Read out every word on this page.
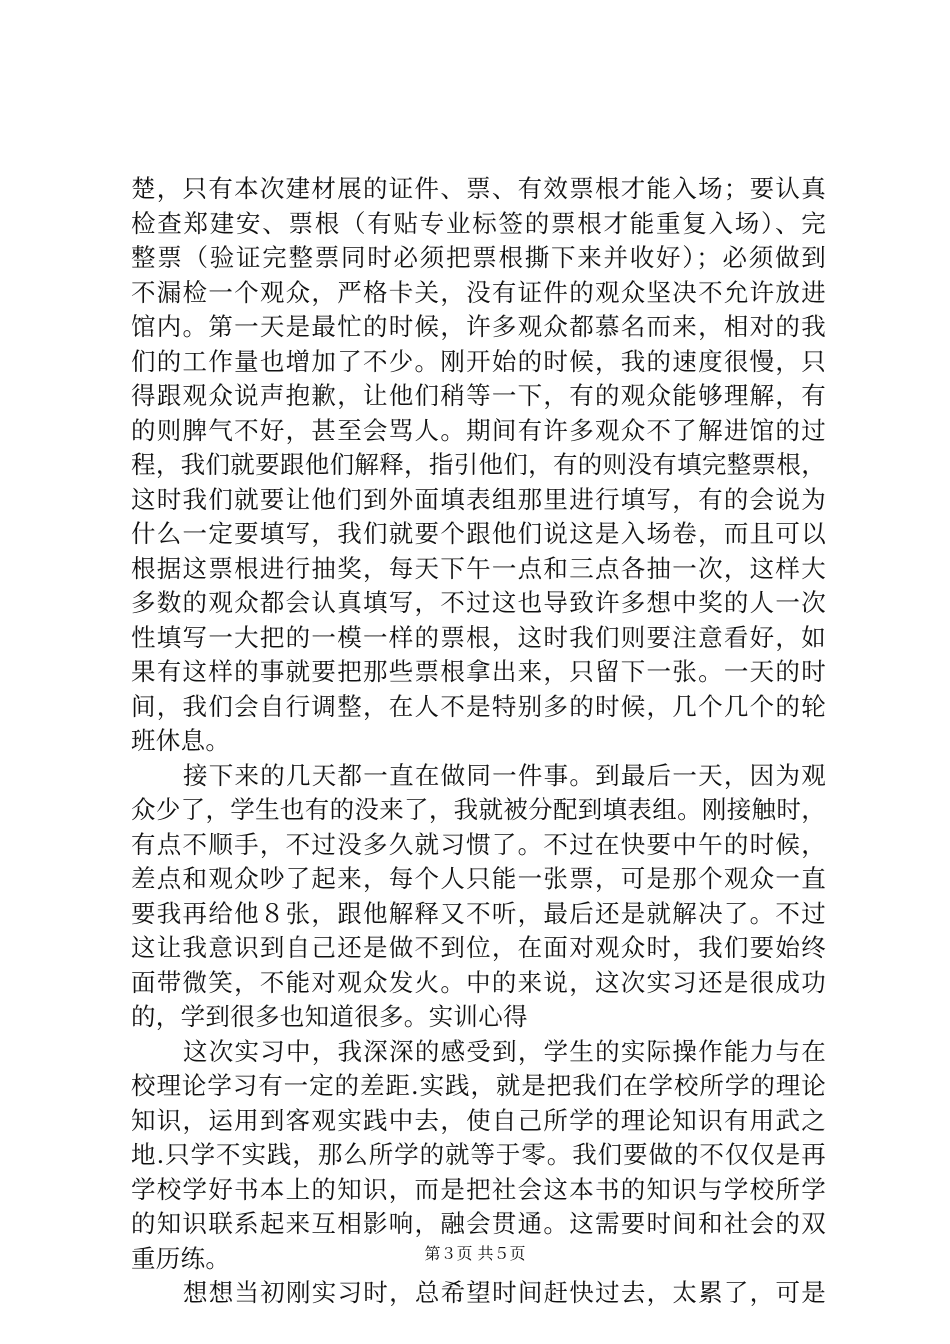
楚，只有本次建材展的证件、票、有效票根才能入场；要认真
检查郑建安、票根（有贴专业标签的票根才能重复入场）、完
整票（验证完整票同时必须把票根撕下来并收好）；必须做到
不漏检一个观众，严格卡关，没有证件的观众坚决不允许放进
馆内。第一天是最忙的时候，许多观众都慕名而来，相对的我
们的工作量也增加了不少。刚开始的时候，我的速度很慢，只
得跟观众说声抱歉，让他们稍等一下，有的观众能够理解，有
的则脾气不好，甚至会骂人。期间有许多观众不了解进馆的过
程，我们就要跟他们解释，指引他们，有的则没有填完整票根，
这时我们就要让他们到外面填表组那里进行填写，有的会说为
什么一定要填写，我们就要个跟他们说这是入场卷，而且可以
根据这票根进行抽奖，每天下午一点和三点各抽一次，这样大
多数的观众都会认真填写，不过这也导致许多想中奖的人一次
性填写一大把的一模一样的票根，这时我们则要注意看好，如
果有这样的事就要把那些票根拿出来，只留下一张。一天的时
间，我们会自行调整，在人不是特别多的时候，几个几个的轮
班休息。
接下来的几天都一直在做同一件事。到最后一天，因为观
众少了，学生也有的没来了，我就被分配到填表组。刚接触时，
有点不顺手，不过没多久就习惯了。不过在快要中午的时候，
差点和观众吵了起来，每个人只能一张票，可是那个观众一直
要我再给他８张，跟他解释又不听，最后还是就解决了。不过
这让我意识到自己还是做不到位，在面对观众时，我们要始终
面带微笑，不能对观众发火。中的来说，这次实习还是很成功
的，学到很多也知道很多。实训心得
这次实习中，我深深的感受到，学生的实际操作能力与在
校理论学习有一定的差距.实践，就是把我们在学校所学的理论
知识，运用到客观实践中去，使自己所学的理论知识有用武之
地.只学不实践，那么所学的就等于零。我们要做的不仅仅是再
学校学好书本上的知识，而是把社会这本书的知识与学校所学
的知识联系起来互相影响，融会贯通。这需要时间和社会的双
重历练。
想想当初刚实习时，总希望时间赶快过去，太累了，可是
第３页 共５页
